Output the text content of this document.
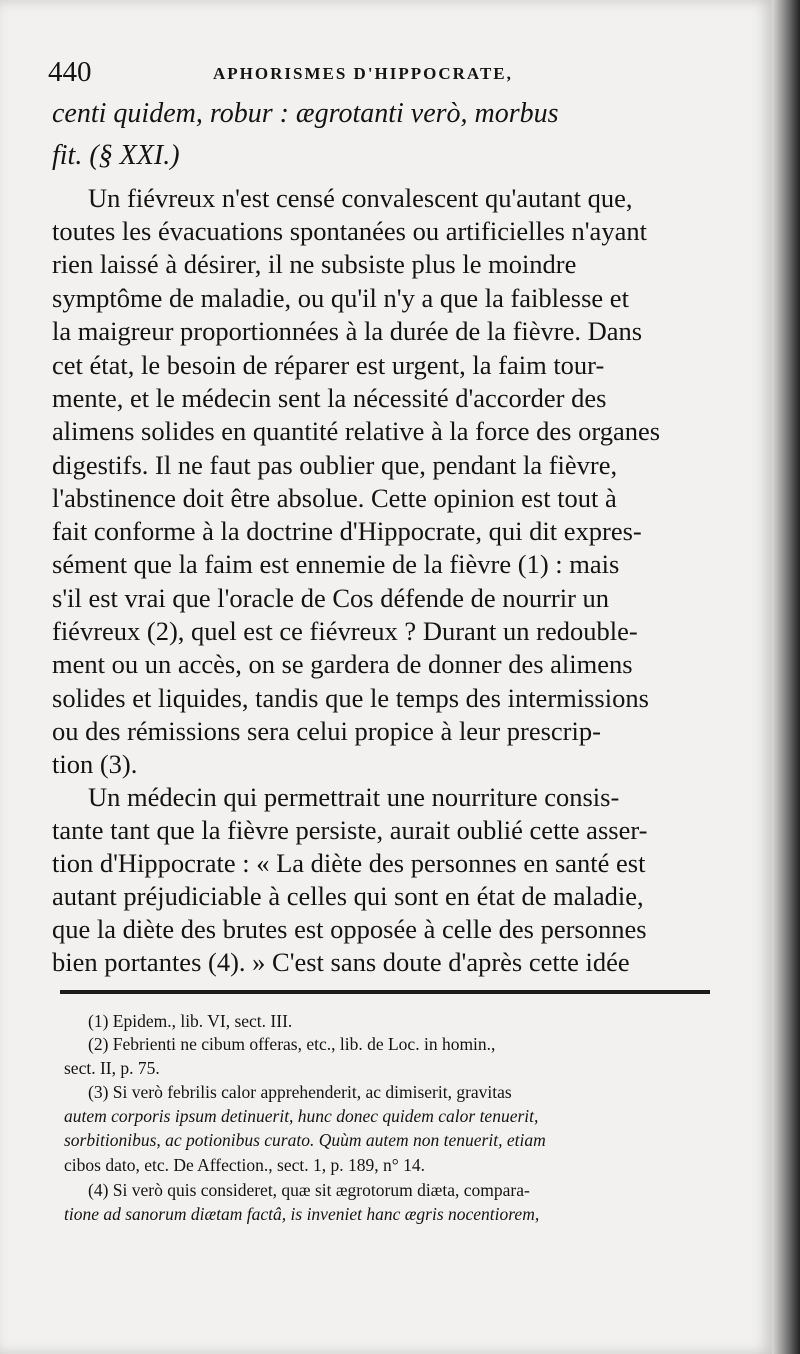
440	APHORISMES D'HIPPOCRATE,
centi quidem, robur : ægrotanti verò, morbus
fit. (§ XXI.)
Un fiévreux n'est censé convalescent qu'autant que,
toutes les évacuations spontanées ou artificielles n'ayant
rien laissé à désirer, il ne subsiste plus le moindre
symptôme de maladie, ou qu'il n'y a que la faiblesse et
la maigreur proportionnées à la durée de la fièvre. Dans
cet état, le besoin de réparer est urgent, la faim tour-
mente, et le médecin sent la nécessité d'accorder des
alimens solides en quantité relative à la force des organes
digestifs. Il ne faut pas oublier que, pendant la fièvre,
l'abstinence doit être absolue. Cette opinion est tout à
fait conforme à la doctrine d'Hippocrate, qui dit expres-
sément que la faim est ennemie de la fièvre (1) : mais
s'il est vrai que l'oracle de Cos défende de nourrir un
fiévreux (2), quel est ce fiévreux ? Durant un redouble-
ment ou un accès, on se gardera de donner des alimens
solides et liquides, tandis que le temps des intermissions
ou des rémissions sera celui propice à leur prescrip-
tion (3).
Un médecin qui permettrait une nourriture consis-
tante tant que la fièvre persiste, aurait oublié cette asser-
tion d'Hippocrate : « La diète des personnes en santé est
autant préjudiciable à celles qui sont en état de maladie,
que la diète des brutes est opposée à celle des personnes
bien portantes (4). » C'est sans doute d'après cette idée
(1) Epidem., lib. VI, sect. III.
(2) Febrienti ne cibum offeras, etc., lib. de Loc. in homin.,
sect. II, p. 75.
(3) Si verò febrilis calor apprehenderit, ac dimiserit, gravitas
autem corporis ipsum detinuerit, hunc donec quidem calor tenuerit,
sorbitionibus, ac potionibus curato. Quùm autem non tenuerit, etiam
cibos dato, etc. De Affection., sect. 1, p. 189, n° 14.
(4) Si verò quis consideret, quæ sit ægrotorum diæta, compara-
tione ad sanorum diætam factâ, is inveniet hanc ægris nocentiorem,
